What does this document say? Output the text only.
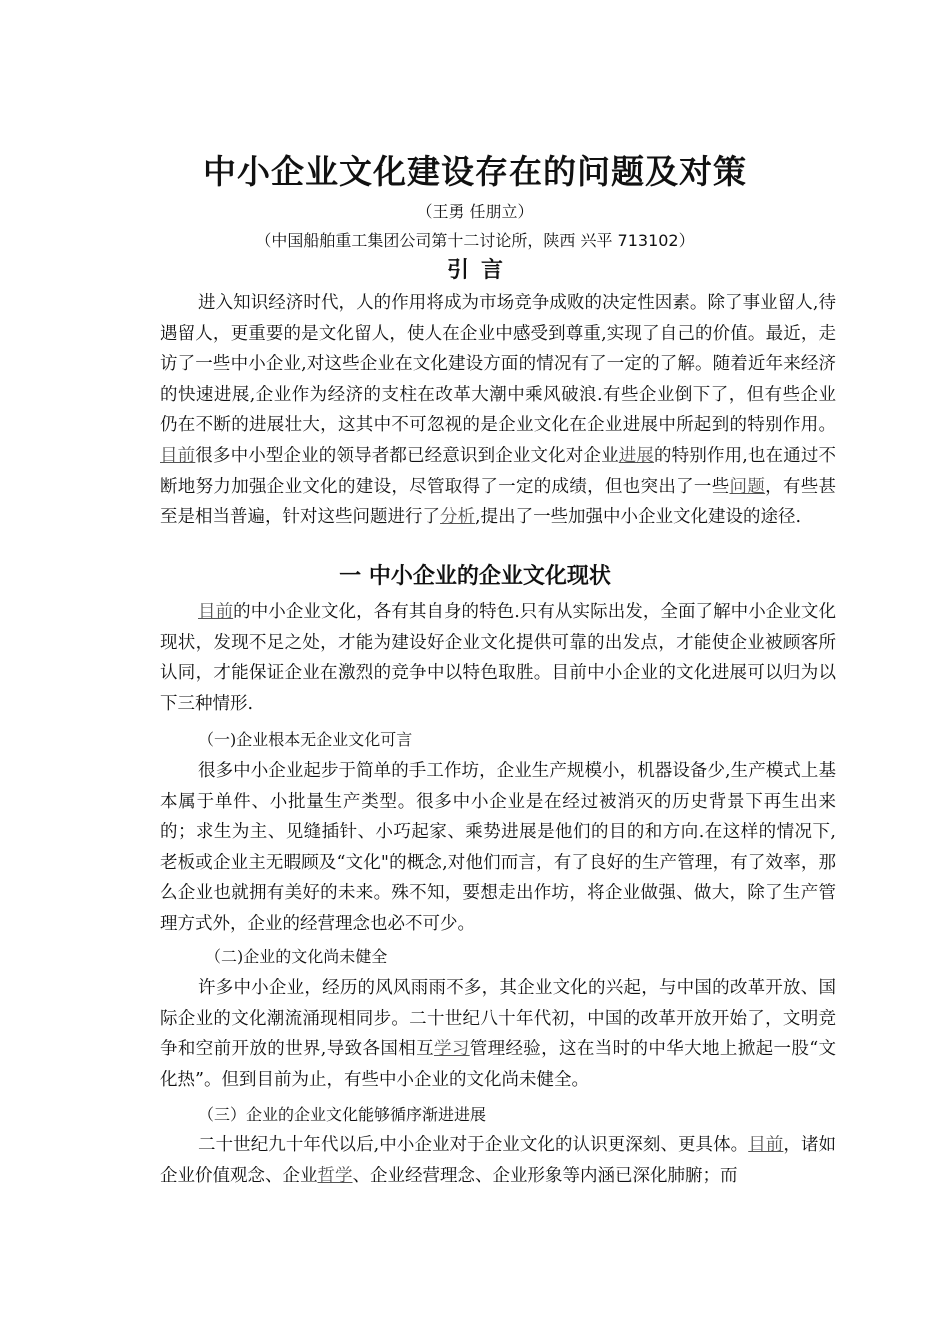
中小企业文化建设存在的问题及对策
（王勇 任朋立）
（中国船舶重工集团公司第十二讨论所，陕西 兴平 713102）
引言

进入知识经济时代，人的作用将成为市场竞争成败的决定性因素。除了事业留人,待遇留人，更重要的是文化留人，使人在企业中感受到尊重,实现了自己的价值。最近，走访了一些中小企业,对这些企业在文化建设方面的情况有了一定的了解。随着近年来经济的快速进展,企业作为经济的支柱在改革大潮中乘风破浪.有些企业倒下了，但有些企业仍在不断的进展壮大，这其中不可忽视的是企业文化在企业进展中所起到的特别作用。目前很多中小型企业的领导者都已经意识到企业文化对企业进展的特别作用,也在通过不断地努力加强企业文化的建设，尽管取得了一定的成绩，但也突出了一些问题，有些甚至是相当普遍，针对这些问题进行了分析,提出了一些加强中小企业文化建设的途径.

一 中小企业的企业文化现状

目前的中小企业文化，各有其自身的特色.只有从实际出发，全面了解中小企业文化现状，发现不足之处，才能为建设好企业文化提供可靠的出发点，才能使企业被顾客所认同，才能保证企业在激烈的竞争中以特色取胜。目前中小企业的文化进展可以归为以下三种情形.

（一)企业根本无企业文化可言

很多中小企业起步于简单的手工作坊，企业生产规模小，机器设备少,生产模式上基本属于单件、小批量生产类型。很多中小企业是在经过被消灭的历史背景下再生出来的；求生为主、见缝插针、小巧起家、乘势进展是他们的目的和方向.在这样的情况下,老板或企业主无暇顾及“文化"的概念,对他们而言，有了良好的生产管理，有了效率，那么企业也就拥有美好的未来。殊不知，要想走出作坊，将企业做强、做大，除了生产管理方式外，企业的经营理念也必不可少。

（二)企业的文化尚未健全

许多中小企业，经历的风风雨雨不多，其企业文化的兴起，与中国的改革开放、国际企业的文化潮流涌现相同步。二十世纪八十年代初，中国的改革开放开始了，文明竞争和空前开放的世界,导致各国相互学习管理经验，这在当时的中华大地上掀起一股“文化热”。但到目前为止，有些中小企业的文化尚未健全。

（三）企业的企业文化能够循序渐进进展

二十世纪九十年代以后,中小企业对于企业文化的认识更深刻、更具体。目前，诸如企业价值观念、企业哲学、企业经营理念、企业形象等内涵已深化肺腑；而
